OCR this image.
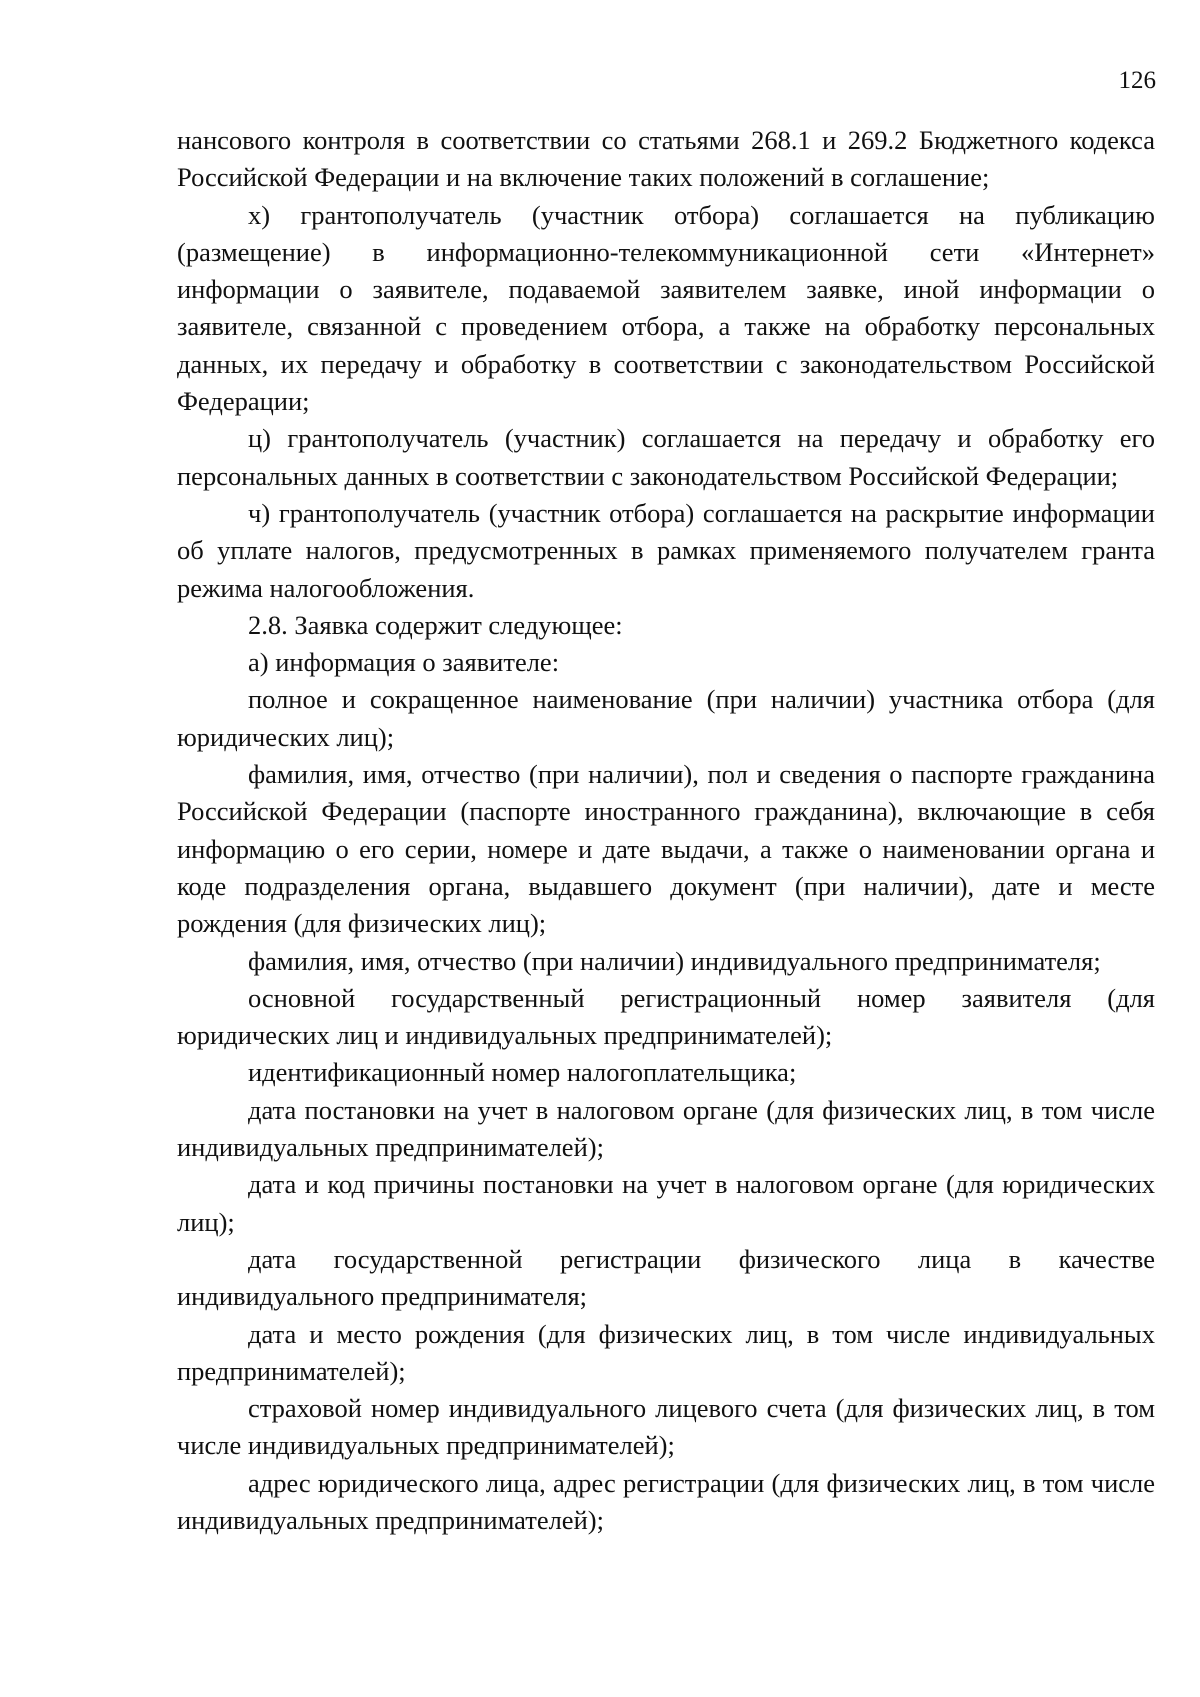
126

нансового контроля в соответствии со статьями 268.1 и 269.2 Бюджетного кодекса Российской Федерации и на включение таких положений в соглашение;

х) грантополучатель (участник отбора) соглашается на публикацию (размещение) в информационно-телекоммуникационной сети «Интернет» информации о заявителе, подаваемой заявителем заявке, иной информации о заявителе, связанной с проведением отбора, а также на обработку персональных данных, их передачу и обработку в соответствии с законодательством Российской Федерации;

ц) грантополучатель (участник) соглашается на передачу и обработку его персональных данных в соответствии с законодательством Российской Федерации;

ч) грантополучатель (участник отбора) соглашается на раскрытие информации об уплате налогов, предусмотренных в рамках применяемого получателем гранта режима налогообложения.

2.8. Заявка содержит следующее:

а) информация о заявителе:

полное и сокращенное наименование (при наличии) участника отбора (для юридических лиц);

фамилия, имя, отчество (при наличии), пол и сведения о паспорте гражданина Российской Федерации (паспорте иностранного гражданина), включающие в себя информацию о его серии, номере и дате выдачи, а также о наименовании органа и коде подразделения органа, выдавшего документ (при наличии), дате и месте рождения (для физических лиц);

фамилия, имя, отчество (при наличии) индивидуального предпринимателя;

основной государственный регистрационный номер заявителя (для юридических лиц и индивидуальных предпринимателей);

идентификационный номер налогоплательщика;

дата постановки на учет в налоговом органе (для физических лиц, в том числе индивидуальных предпринимателей);

дата и код причины постановки на учет в налоговом органе (для юридических лиц);

дата государственной регистрации физического лица в качестве индивидуального предпринимателя;

дата и место рождения (для физических лиц, в том числе индивидуальных предпринимателей);

страховой номер индивидуального лицевого счета (для физических лиц, в том числе индивидуальных предпринимателей);

адрес юридического лица, адрес регистрации (для физических лиц, в том числе индивидуальных предпринимателей);
